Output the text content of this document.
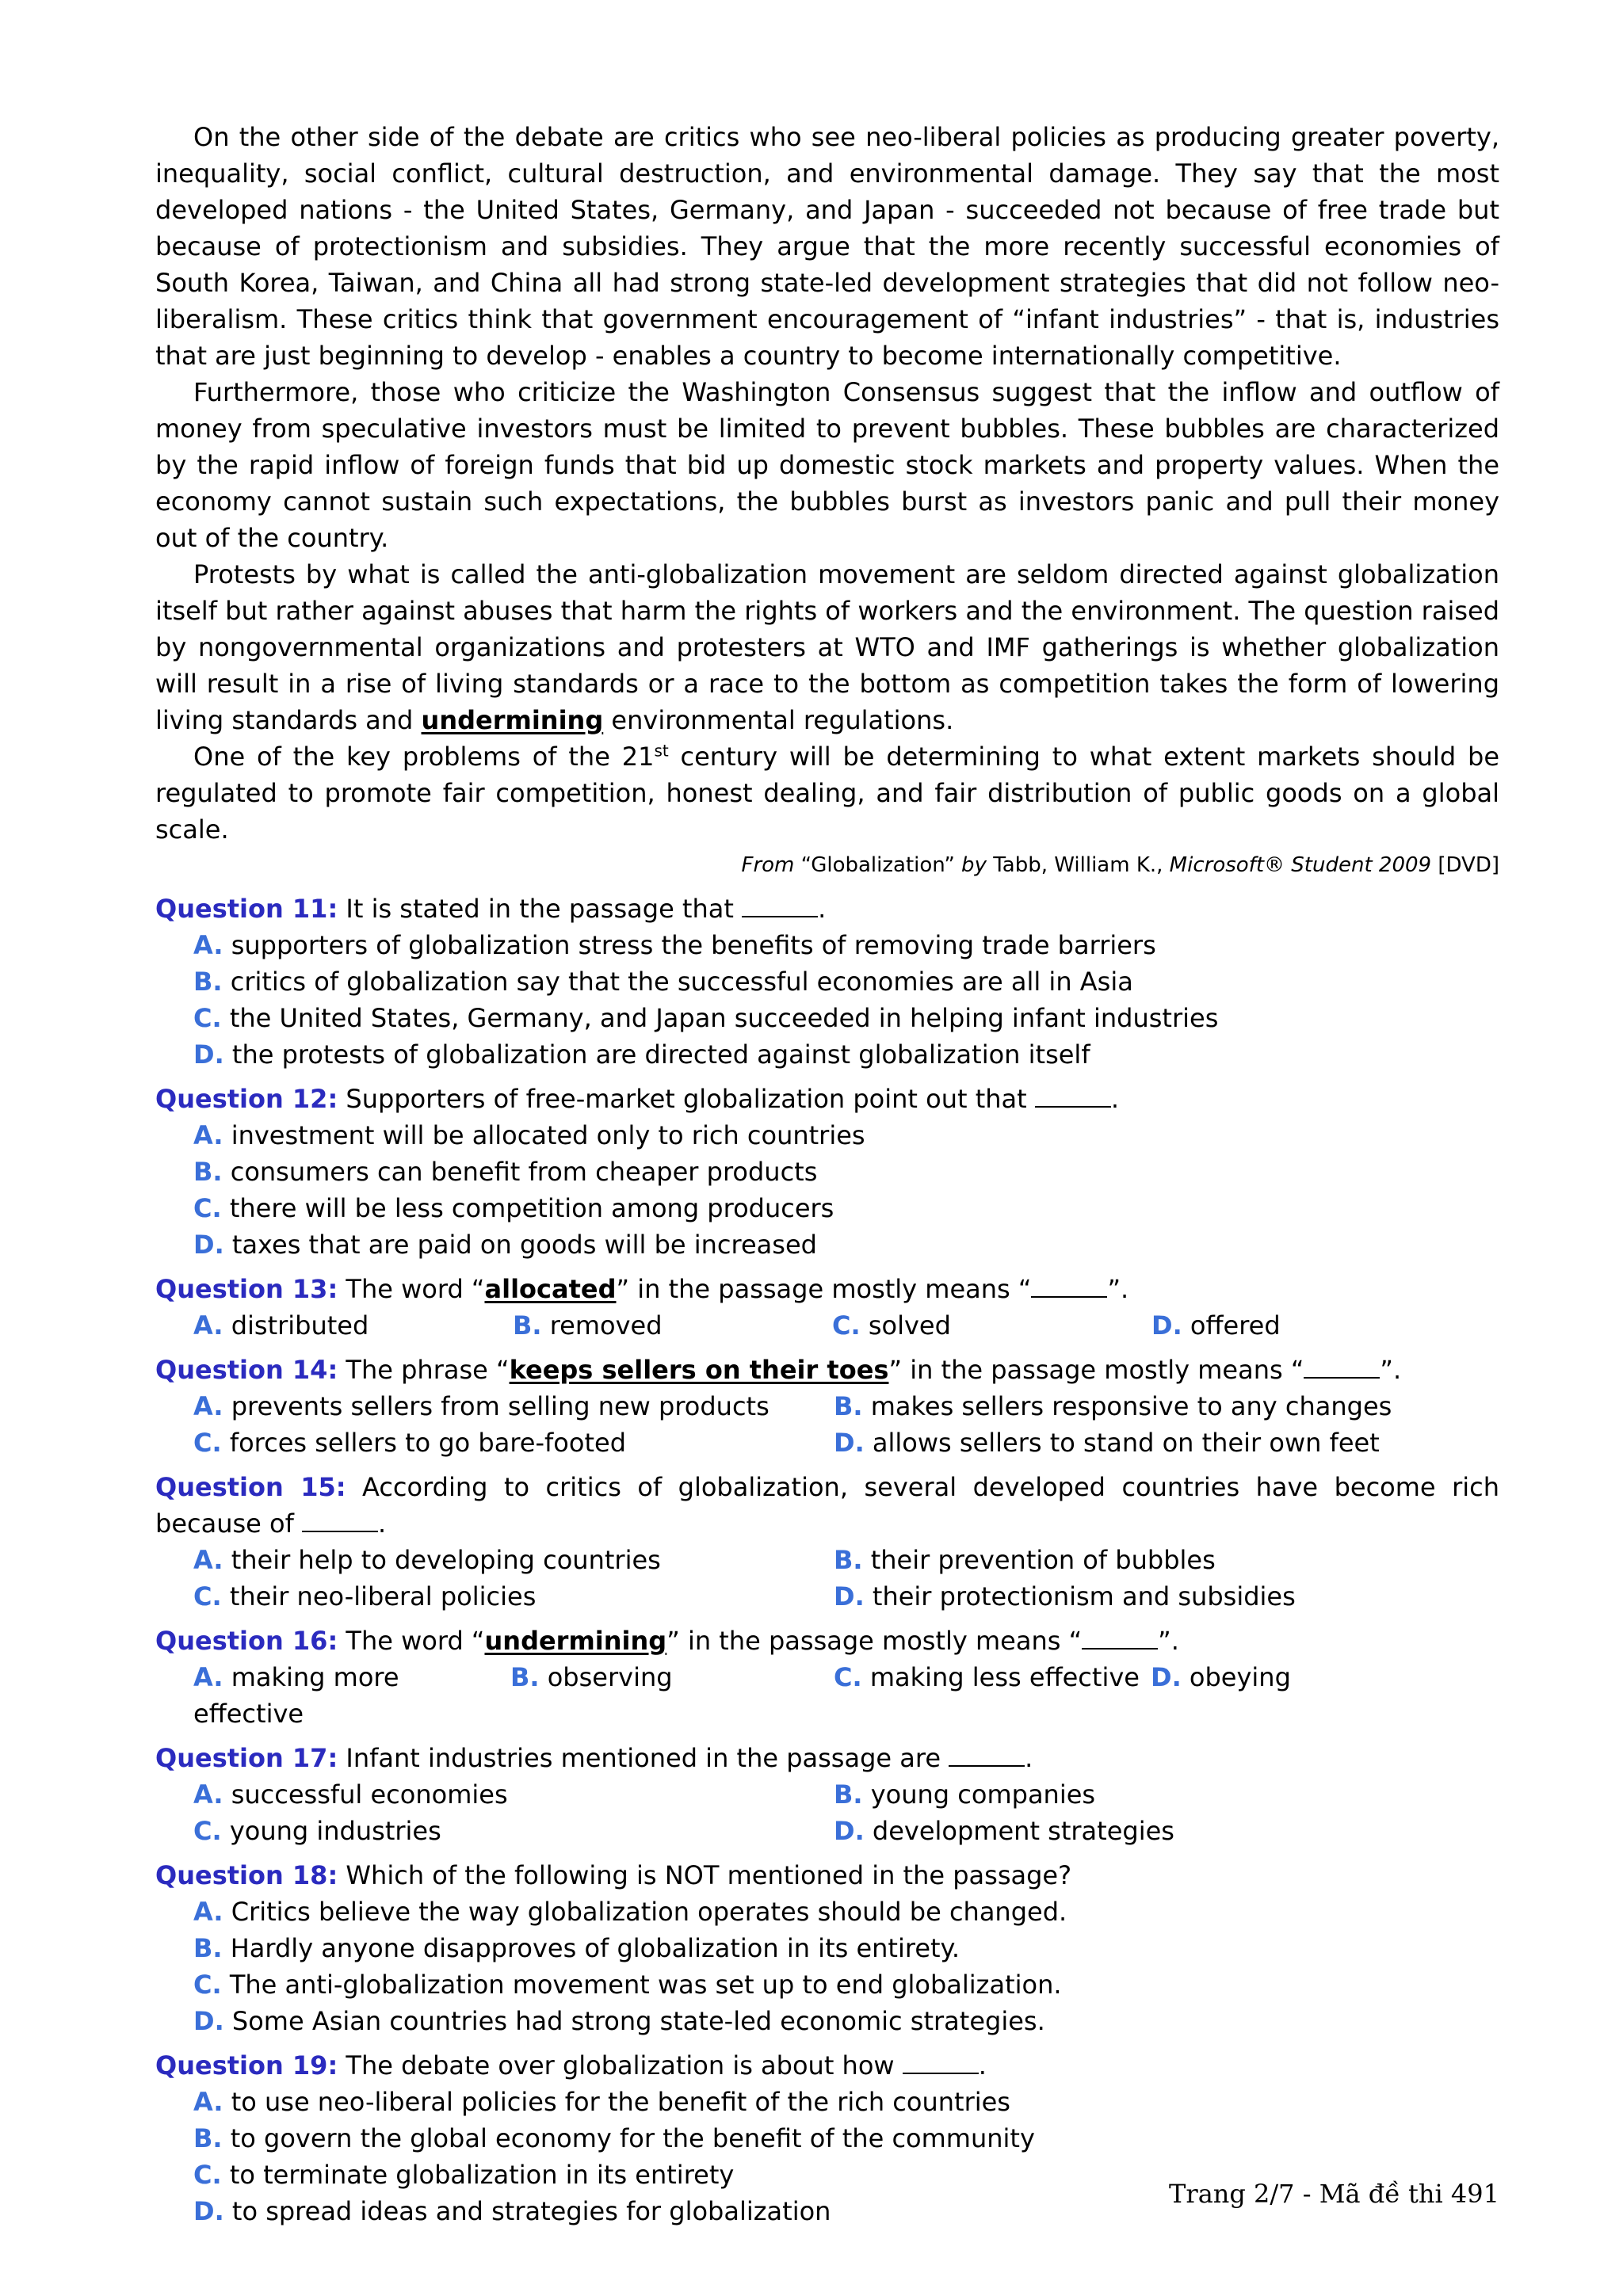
On the other side of the debate are critics who see neo-liberal policies as producing greater poverty, inequality, social conflict, cultural destruction, and environmental damage. They say that the most developed nations - the United States, Germany, and Japan - succeeded not because of free trade but because of protectionism and subsidies. They argue that the more recently successful economies of South Korea, Taiwan, and China all had strong state-led development strategies that did not follow neo-liberalism. These critics think that government encouragement of “infant industries” - that is, industries that are just beginning to develop - enables a country to become internationally competitive.

Furthermore, those who criticize the Washington Consensus suggest that the inflow and outflow of money from speculative investors must be limited to prevent bubbles. These bubbles are characterized by the rapid inflow of foreign funds that bid up domestic stock markets and property values. When the economy cannot sustain such expectations, the bubbles burst as investors panic and pull their money out of the country.

Protests by what is called the anti-globalization movement are seldom directed against globalization itself but rather against abuses that harm the rights of workers and the environment. The question raised by nongovernmental organizations and protesters at WTO and IMF gatherings is whether globalization will result in a rise of living standards or a race to the bottom as competition takes the form of lowering living standards and undermining environmental regulations.

One of the key problems of the 21st century will be determining to what extent markets should be regulated to promote fair competition, honest dealing, and fair distribution of public goods on a global scale.

From “Globalization” by Tabb, William K., Microsoft® Student 2009 [DVD]

Question 11: It is stated in the passage that	.

A. supporters of globalization stress the benefits of removing trade barriers

B. critics of globalization say that the successful economies are all in Asia

C. the United States, Germany, and Japan succeeded in helping infant industries

D. the protests of globalization are directed against globalization itself

Question 12: Supporters of free-market globalization point out that	.

A. investment will be allocated only to rich countries

B. consumers can benefit from cheaper products

C. there will be less competition among producers

D. taxes that are paid on goods will be increased

Question 13: The word “allocated” in the passage mostly means “	”.

A. distributed	B. removed	C. solved	D. offered

Question 14: The phrase “keeps sellers on their toes” in the passage mostly means “	”.

A. prevents sellers from selling new products	B. makes sellers responsive to any changes

C. forces sellers to go bare-footed	D. allows sellers to stand on their own feet

Question 15: According to critics of globalization, several developed countries have become rich because of	.

A. their help to developing countries	B. their prevention of bubbles

C. their neo-liberal policies	D. their protectionism and subsidies

Question 16: The word “undermining” in the passage mostly means “	”.

A. making more effective

B. observing	C. making less effective D. obeying

Question 17: Infant industries mentioned in the passage are	.

A. successful economies	B. young companies

C. young industries	D. development strategies

Question 18: Which of the following is NOT mentioned in the passage?

A. Critics believe the way globalization operates should be changed.

B. Hardly anyone disapproves of globalization in its entirety.

C. The anti-globalization movement was set up to end globalization.

D. Some Asian countries had strong state-led economic strategies.

Question 19: The debate over globalization is about how	.

A. to use neo-liberal policies for the benefit of the rich countries

B. to govern the global economy for the benefit of the community

C. to terminate globalization in its entirety

D. to spread ideas and strategies for globalization

Trang 2/7 - Mã đề thi 491
